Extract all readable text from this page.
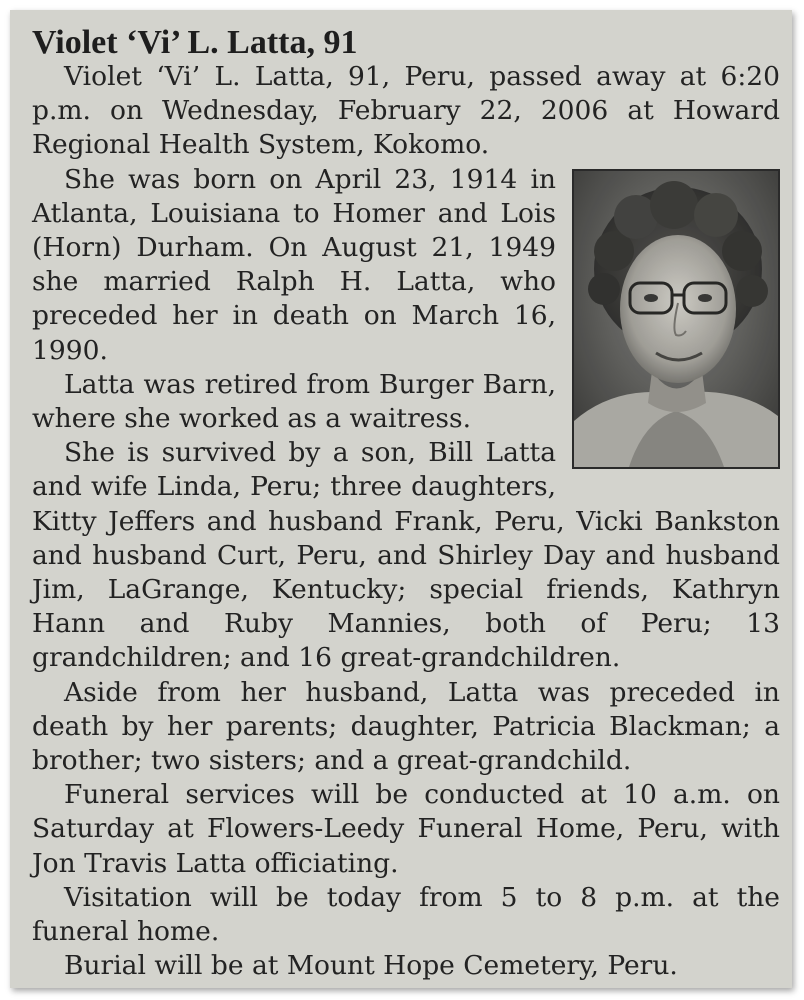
Violet ‘Vi’ L. Latta, 91

Violet ‘Vi’ L. Latta, 91, Peru, passed away at 6:20 p.m. on Wednesday, February 22, 2006 at Howard Regional Health System, Kokomo.

She was born on April 23, 1914 in Atlanta, Louisiana to Homer and Lois (Horn) Durham. On August 21, 1949 she married Ralph H. Latta, who preceded her in death on March 16, 1990.

Latta was retired from Burger Barn, where she worked as a waitress.

She is survived by a son, Bill Latta and wife Linda, Peru; three daughters, Kitty Jeffers and husband Frank, Peru, Vicki Bankston and husband Curt, Peru, and Shirley Day and husband Jim, LaGrange, Kentucky; special friends, Kathryn Hann and Ruby Mannies, both of Peru; 13 grandchildren; and 16 great-grandchildren.

Aside from her husband, Latta was preceded in death by her parents; daughter, Patricia Blackman; a brother; two sisters; and a great-grandchild.

Funeral services will be conducted at 10 a.m. on Saturday at Flowers-Leedy Funeral Home, Peru, with Jon Travis Latta officiating.

Visitation will be today from 5 to 8 p.m. at the funeral home.

Burial will be at Mount Hope Cemetery, Peru.
